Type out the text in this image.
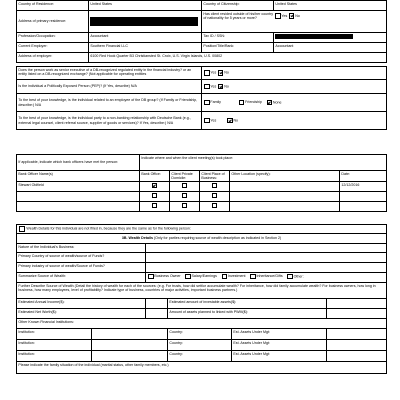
Country of Residence:	United States	Country of Citizenship:	United States
Address of primary residence:		Has client resided outside of his/her country of nationality for 5 years or more? Yes No	
Profession/Occupation:	Accountant	Tax ID / SSN:	

Current Employer:	Southern Financial LLC	Position/Title/Rank:	Accountant
Address of employer:	6100 Red Hook Quarter B3 Christiansted St. Croix, U.S. Virgin Islands, U.S. 00802		
Does the person work as senior executive of a DB-recognized regulated entity in the financial industry? or an entity listed on a DB-recognized exchange? (Not applicable for operating entities	Yes No
Is the individual a Politically Exposed Person (PEP)? (If Yes, describe) N/A	Yes No
To the best of your knowledge, is the individual related to an employee of the DB group? (If Family or Friendship, describe:) N/A	Family Friendship None
To the best of your knowledge, is the individual party to a non-banking relationship with Deutsche Bank (e.g., external legal counsel, client referral source, supplier of goods or services)? If Yes, describe:) N/A	Yes No
If applicable, indicate which bank officers have met the person:	Indicate where and when the client meeting(s) took place:				
Bank Officer Name(s)	Bank Office:	Client Private Domicile:	Client Place of Business:	Other Location (specify):	Date:
Stewart Oldfield					12/12/2016

Wealth Details for this individual are not filled in, because they are the same as for the following person:					
3B. Wealth Details (Only for parties requiring source of wealth description as indicated in Section 2)					
Nature of the Individual's Business:					
Primary Country of source of wealth/source of Funds?					
Primary industry of source of wealth/Source of Funds?					
Summarize Source of Wealth:		Business Owner Salary/Earnings Investment Inheritance/Gifts Other:			
Further Describe Source of Wealth (Detail the history of wealth for each of the sources: (e.g. For trusts, how did settlor accumulate wealth? For inheritance, how did family accumulate wealth? For business owners, how long in business, how many employees, level of profitability? Indicate type of business, countries of major activities, important business partners.)					
Estimated Annual Income($):			Estimated amount of investable assets($):		
Estimated Net Worth($):			Amount of assets planned to linked with PWM($):		
Other Known Financial Institutions:					
Institution:			Country:	Est. Assets Under Mgt:	
Institution:			Country:	Est. Assets Under Mgt:	
Institution:			Country:	Est. Assets Under Mgt:	
Please indicate the family situation of the individual (marital status, other family members, etc.)					
